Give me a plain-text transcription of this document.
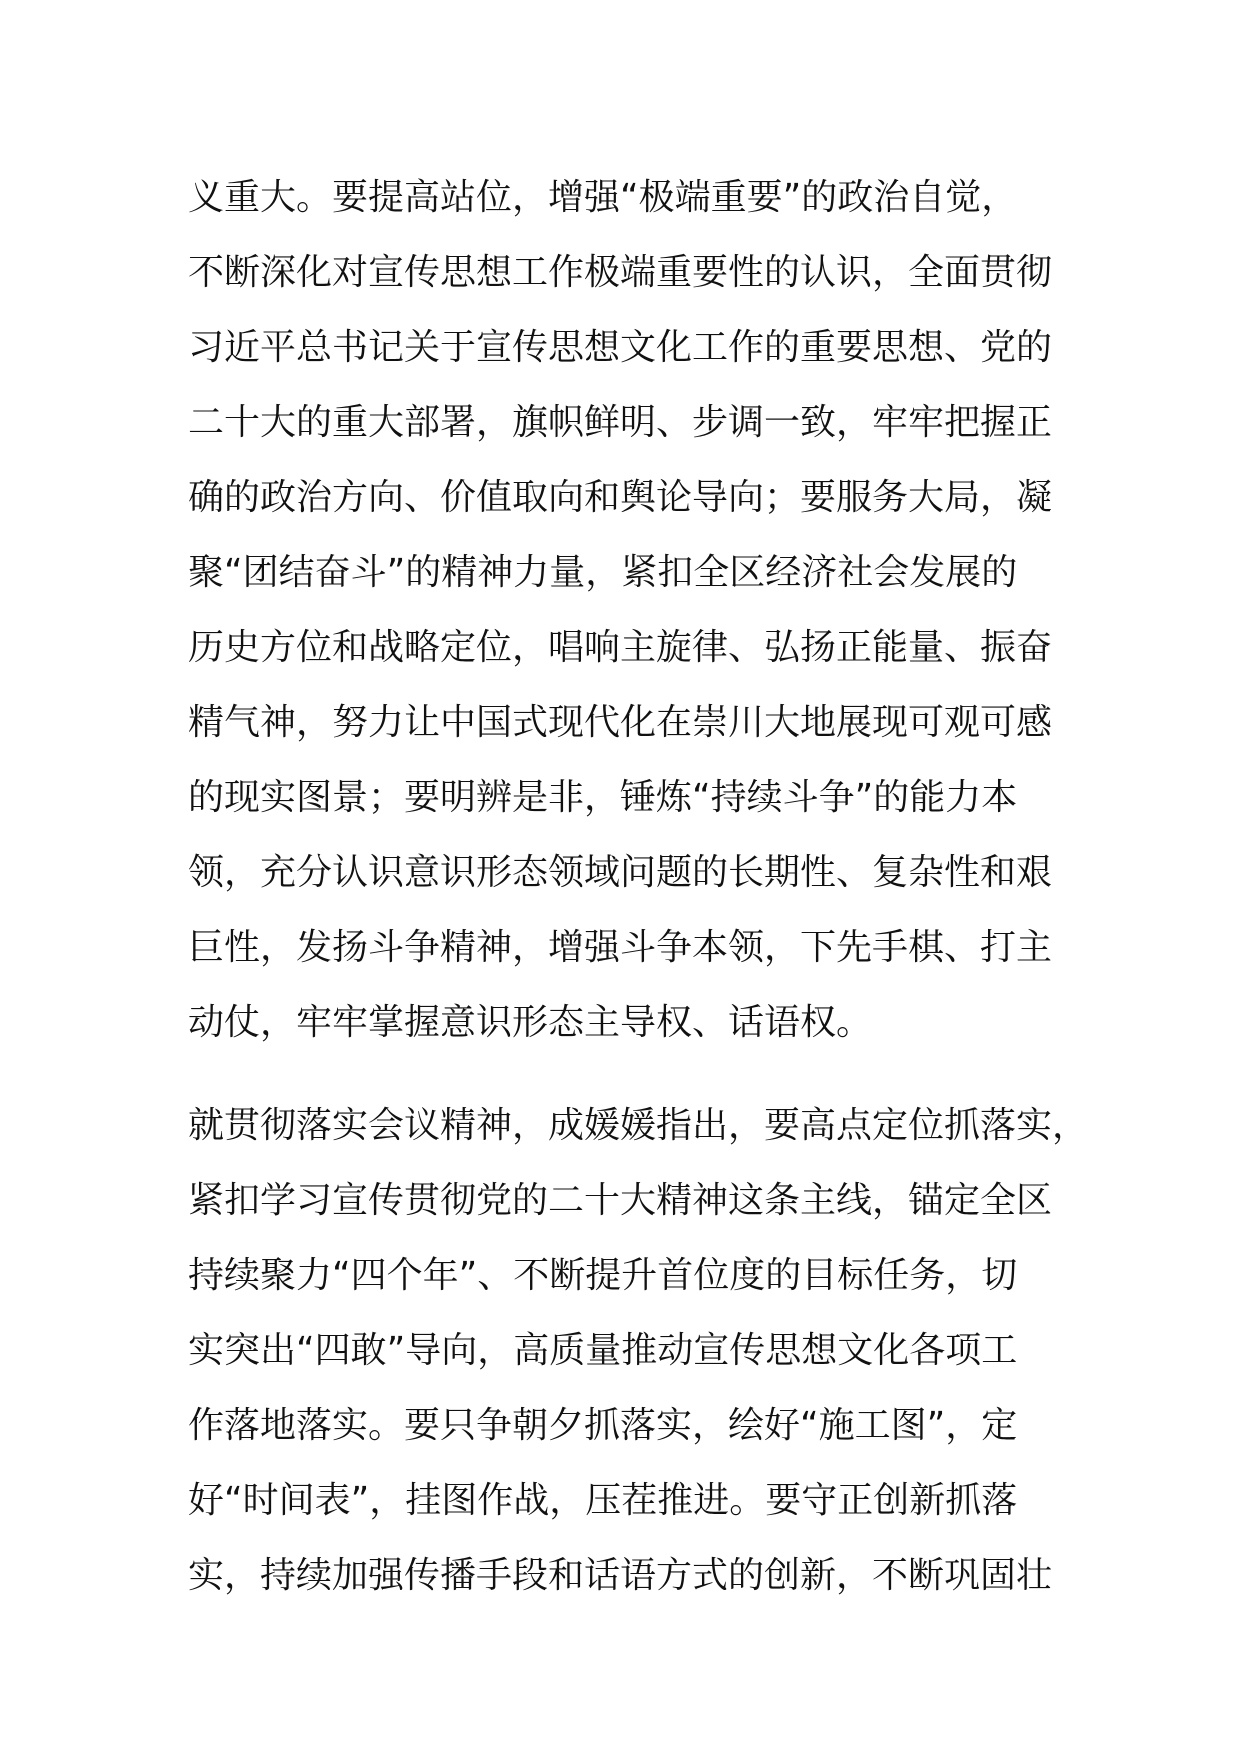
义重大。要提高站位，增强“极端重要”的政治自觉，
不断深化对宣传思想工作极端重要性的认识，全面贯彻
习近平总书记关于宣传思想文化工作的重要思想、党的
二十大的重大部署，旗帜鲜明、步调一致，牢牢把握正
确的政治方向、价值取向和舆论导向；要服务大局，凝
聚“团结奋斗”的精神力量，紧扣全区经济社会发展的
历史方位和战略定位，唱响主旋律、弘扬正能量、振奋
精气神，努力让中国式现代化在崇川大地展现可观可感
的现实图景；要明辨是非，锤炼“持续斗争”的能力本
领，充分认识意识形态领域问题的长期性、复杂性和艰
巨性，发扬斗争精神，增强斗争本领，下先手棋、打主
动仗，牢牢掌握意识形态主导权、话语权。
就贯彻落实会议精神，成媛媛指出，要高点定位抓落实，
紧扣学习宣传贯彻党的二十大精神这条主线，锚定全区
持续聚力“四个年”、不断提升首位度的目标任务，切
实突出“四敢”导向，高质量推动宣传思想文化各项工
作落地落实。要只争朝夕抓落实，绘好“施工图”，定
好“时间表”，挂图作战，压茬推进。要守正创新抓落
实，持续加强传播手段和话语方式的创新，不断巩固壮
